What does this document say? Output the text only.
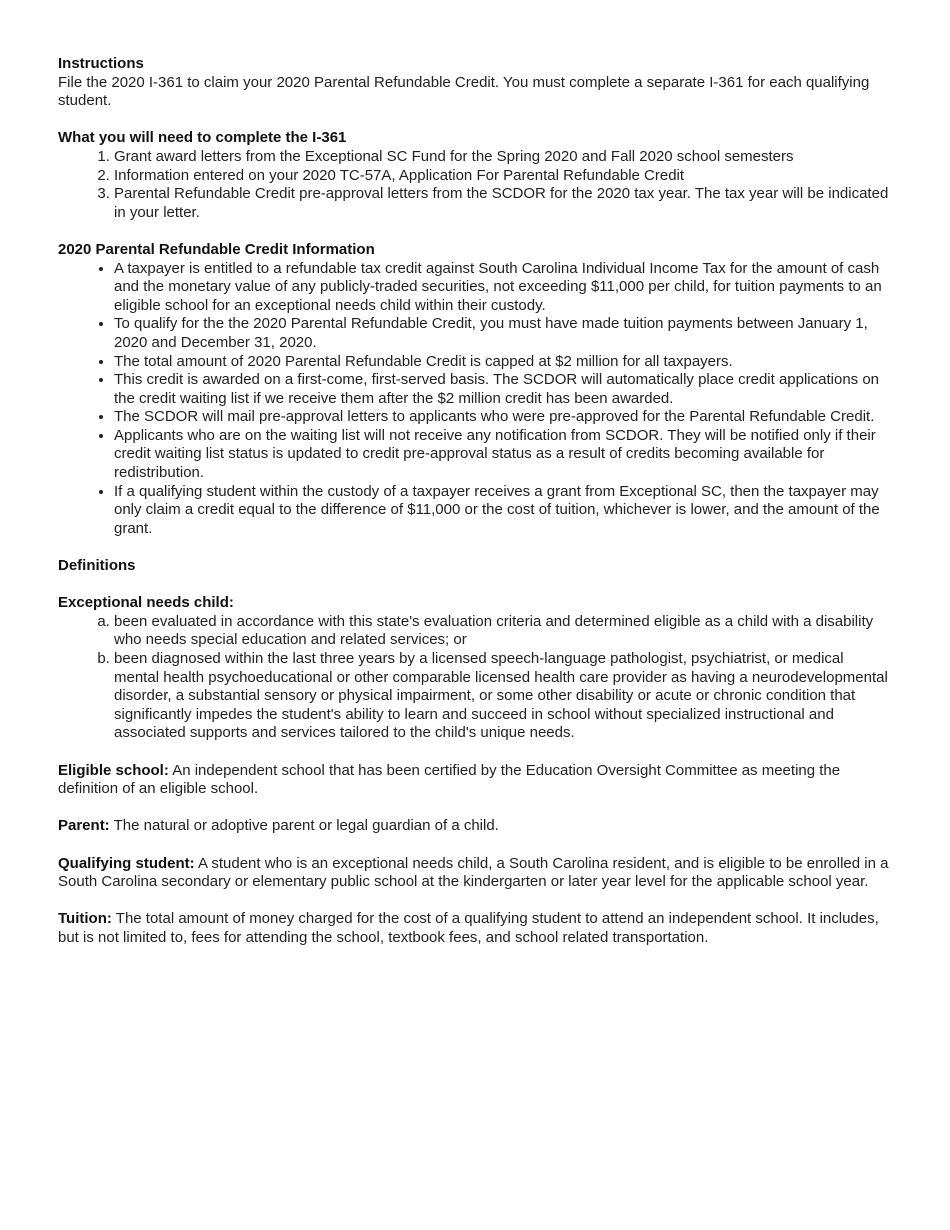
Instructions
File the 2020 I-361 to claim your 2020 Parental Refundable Credit. You must complete a separate I-361 for each qualifying student.
What you will need to complete the I-361
1. Grant award letters from the Exceptional SC Fund for the Spring 2020 and Fall 2020 school semesters
2. Information entered on your 2020 TC-57A, Application For Parental Refundable Credit
3. Parental Refundable Credit pre-approval letters from the SCDOR for the 2020 tax year. The tax year will be indicated in your letter.
2020 Parental Refundable Credit Information
• A taxpayer is entitled to a refundable tax credit against South Carolina Individual Income Tax for the amount of cash and the monetary value of any publicly-traded securities, not exceeding $11,000 per child, for tuition payments to an eligible school for an exceptional needs child within their custody.
• To qualify for the the 2020 Parental Refundable Credit, you must have made tuition payments between January 1, 2020 and December 31, 2020.
• The total amount of 2020 Parental Refundable Credit is capped at $2 million for all taxpayers.
• This credit is awarded on a first-come, first-served basis. The SCDOR will automatically place credit applications on the credit waiting list if we receive them after the $2 million credit has been awarded.
• The SCDOR will mail pre-approval letters to applicants who were pre-approved for the Parental Refundable Credit.
• Applicants who are on the waiting list will not receive any notification from SCDOR. They will be notified only if their credit waiting list status is updated to credit pre-approval status as a result of credits becoming available for redistribution.
• If a qualifying student within the custody of a taxpayer receives a grant from Exceptional SC, then the taxpayer may only claim a credit equal to the difference of $11,000 or the cost of tuition, whichever is lower, and the amount of the grant.
Definitions
Exceptional needs child:
a. been evaluated in accordance with this state's evaluation criteria and determined eligible as a child with a disability who needs special education and related services; or
b. been diagnosed within the last three years by a licensed speech-language pathologist, psychiatrist, or medical mental health psychoeducational or other comparable licensed health care provider as having a neurodevelopmental disorder, a substantial sensory or physical impairment, or some other disability or acute or chronic condition that significantly impedes the student's ability to learn and succeed in school without specialized instructional and associated supports and services tailored to the child's unique needs.
Eligible school: An independent school that has been certified by the Education Oversight Committee as meeting the definition of an eligible school.
Parent: The natural or adoptive parent or legal guardian of a child.
Qualifying student: A student who is an exceptional needs child, a South Carolina resident, and is eligible to be enrolled in a South Carolina secondary or elementary public school at the kindergarten or later year level for the applicable school year.
Tuition: The total amount of money charged for the cost of a qualifying student to attend an independent school. It includes, but is not limited to, fees for attending the school, textbook fees, and school related transportation.
